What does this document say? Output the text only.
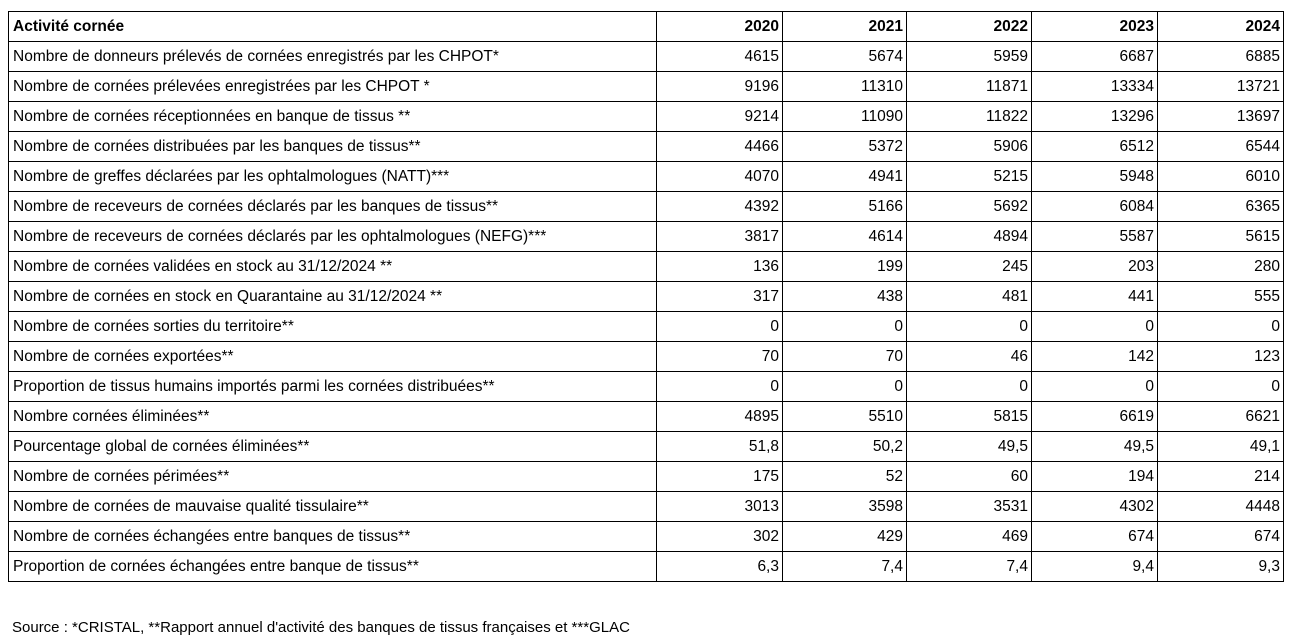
Activité cornée	2020	2021	2022	2023	2024
Nombre de donneurs prélevés de cornées enregistrés par les CHPOT*	4615	5674	5959	6687	6885
Nombre de cornées prélevées enregistrées par les CHPOT *	9196	11310	11871	13334	13721
Nombre de cornées réceptionnées en banque de tissus **	9214	11090	11822	13296	13697
Nombre de cornées distribuées par les banques de tissus**	4466	5372	5906	6512	6544
Nombre de greffes déclarées par les ophtalmologues (NATT)***	4070	4941	5215	5948	6010
Nombre de receveurs de cornées déclarés par les banques de tissus**	4392	5166	5692	6084	6365
Nombre de receveurs de cornées déclarés par les ophtalmologues (NEFG)***	3817	4614	4894	5587	5615
Nombre de cornées validées en stock au 31/12/2024 **	136	199	245	203	280
Nombre de cornées en stock en Quarantaine au 31/12/2024 **	317	438	481	441	555
Nombre de cornées sorties du territoire**	0	0	0	0	0
Nombre de cornées exportées**	70	70	46	142	123
Proportion de tissus humains importés parmi les cornées distribuées**	0	0	0	0	0
Nombre cornées éliminées**	4895	5510	5815	6619	6621
Pourcentage global de cornées éliminées**	51,8	50,2	49,5	49,5	49,1
Nombre de cornées périmées**	175	52	60	194	214
Nombre de cornées de mauvaise qualité tissulaire**	3013	3598	3531	4302	4448
Nombre de cornées échangées entre banques de tissus**	302	429	469	674	674
Proportion de cornées échangées entre banque de tissus**	6,3	7,4	7,4	9,4	9,3
Source : *CRISTAL, **Rapport annuel d'activité des banques de tissus françaises et ***GLAC
